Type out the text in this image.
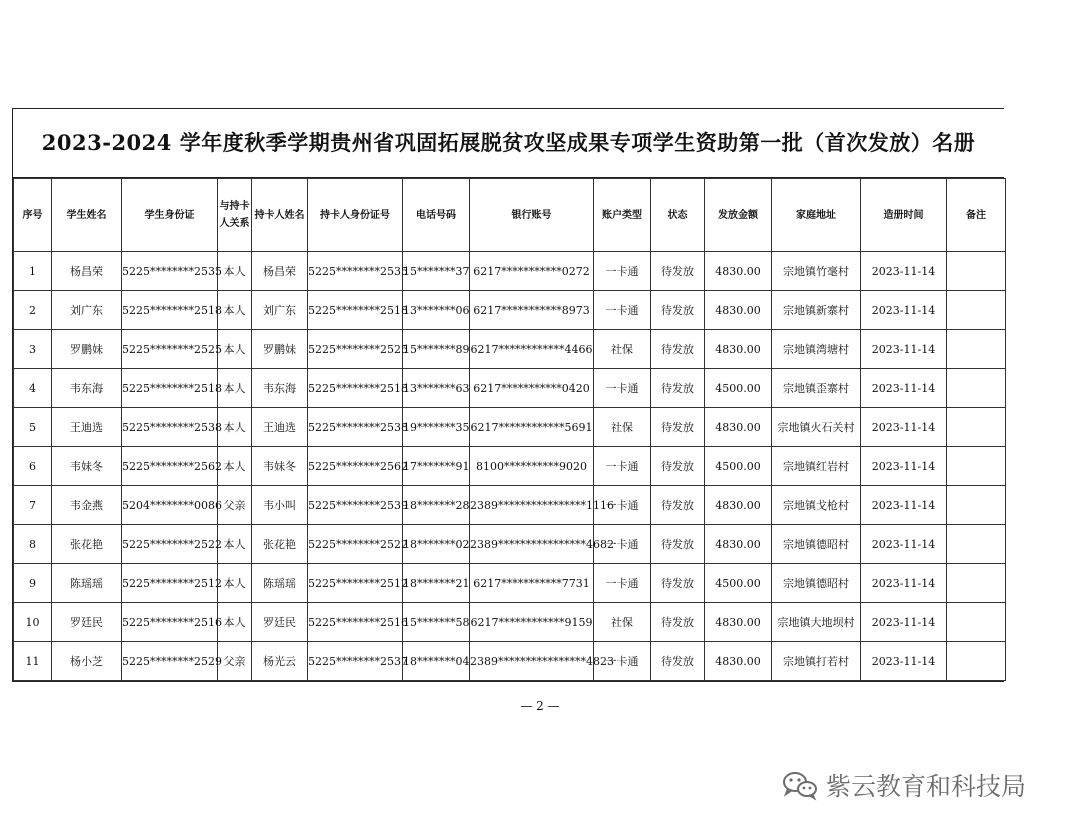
2023-2024 学年度秋季学期贵州省巩固拓展脱贫攻坚成果专项学生资助第一批（首次发放）名册
序号	学生姓名	学生身份证	与持卡人关系	持卡人姓名	持卡人身份证号	电话号码	银行账号	账户类型	状态	发放金额	家庭地址	造册时间	备注
1	杨昌荣	5225********2535	本人	杨昌荣	5225********2535	15*******37	6217***********0272	一卡通	待发放	4830.00	宗地镇竹毫村	2023-11-14	
2	刘广东	5225********2518	本人	刘广东	5225********2518	13*******06	6217***********8973	一卡通	待发放	4830.00	宗地镇新寨村	2023-11-14	
3	罗鹏妹	5225********2525	本人	罗鹏妹	5225********2525	15*******89	6217************4466	社保	待发放	4830.00	宗地镇湾塘村	2023-11-14	
4	韦东海	5225********2518	本人	韦东海	5225********2518	13*******63	6217***********0420	一卡通	待发放	4500.00	宗地镇歪寨村	2023-11-14	
5	王迪选	5225********2538	本人	王迪选	5225********2538	19*******35	6217************5691	社保	待发放	4830.00	宗地镇火石关村	2023-11-14	
6	韦妹冬	5225********2562	本人	韦妹冬	5225********2562	17*******91	8100**********9020	一卡通	待发放	4500.00	宗地镇红岩村	2023-11-14	
7	韦金燕	5204********0086	父亲	韦小叫	5225********2539	18*******28	2389****************1116	一卡通	待发放	4830.00	宗地镇戈枪村	2023-11-14	
8	张花艳	5225********2522	本人	张花艳	5225********2522	18*******02	2389****************4682	一卡通	待发放	4830.00	宗地镇德昭村	2023-11-14	
9	陈瑶瑶	5225********2512	本人	陈瑶瑶	5225********2512	18*******21	6217***********7731	一卡通	待发放	4500.00	宗地镇德昭村	2023-11-14	
10	罗廷民	5225********2516	本人	罗廷民	5225********2516	15*******58	6217************9159	社保	待发放	4830.00	宗地镇大地坝村	2023-11-14	
11	杨小芝	5225********2529	父亲	杨光云	5225********2537	18*******04	2389****************4823	一卡通	待发放	4830.00	宗地镇打若村	2023-11-14	
— 2 —
紫云教育和科技局
